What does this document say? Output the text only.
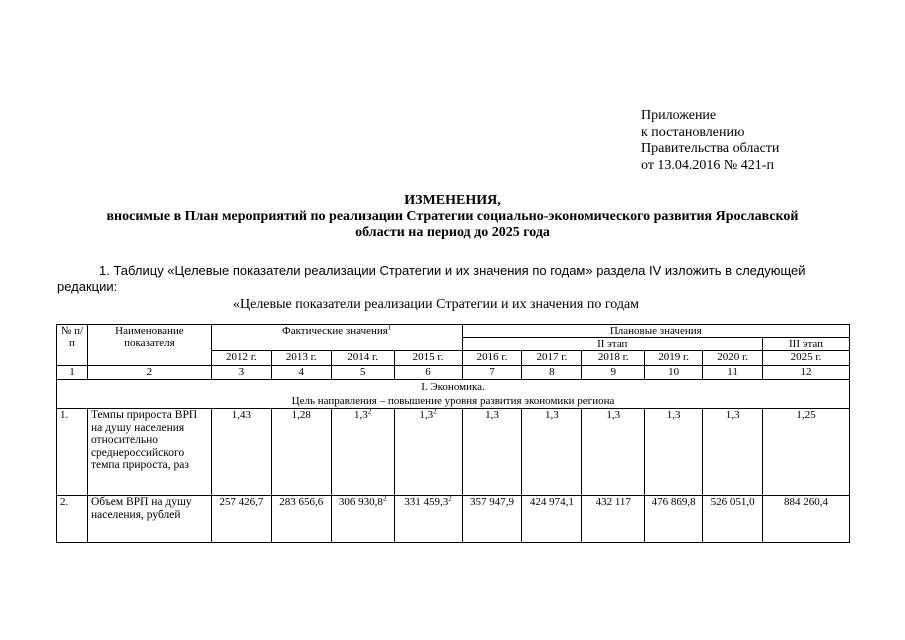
Приложение
к постановлению
Правительства области
от 13.04.2016 № 421-п
ИЗМЕНЕНИЯ,
вносимые в План мероприятий по реализации Стратегии социально-экономического развития Ярославской
области на период до 2025 года
1. Таблицу «Целевые показатели реализации Стратегии и их значения по годам» раздела IV изложить в следующей редакции:
«Целевые показатели реализации Стратегии и их значения по годам
№ п/п	Наименование показателя	Фактические значения$^1$				Плановые значения					
						II этап					III этап
		2012 г.	2013 г.	2014 г.	2015 г.	2016 г.	2017 г.	2018 г.	2019 г.	2020 г.	2025 г.
1	2	3	4	5	6	7	8	9	10	11	12

I. Экономика.
Цель направления – повышение уровня развития экономики региона											

1.	Темпы прироста ВРП на душу населения относительно среднероссийского темпа прироста, раз	1,43	1,28	$1,3^2$	$1,3^2$	1,3	1,3	1,3	1,3	1,3	1,25
2.	Объем ВРП на душу населения, рублей	257 426,7	283 656,6	306 930,8$^2$	331 459,3$^2$	357 947,9	424 974,1	432 117	476 869,8	526 051,0	884 260,4
